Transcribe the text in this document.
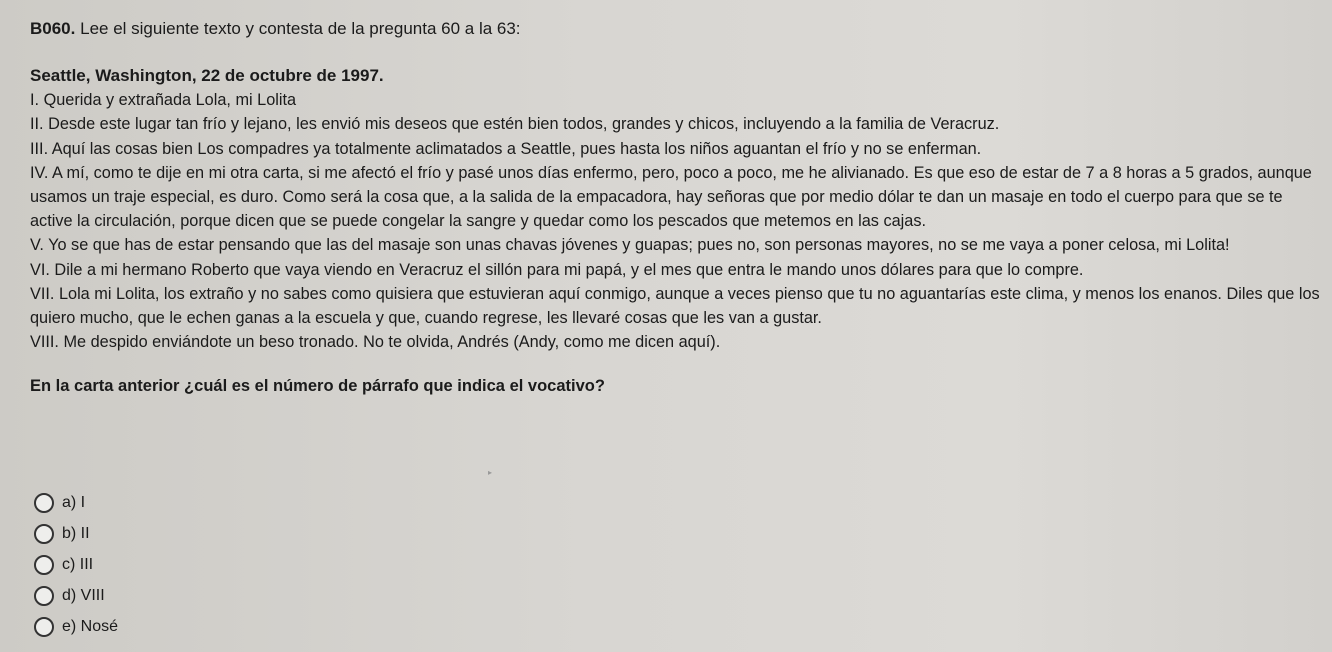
B060. Lee el siguiente texto y contesta de la pregunta 60 a la 63:

Seattle, Washington, 22 de octubre de 1997.

I. Querida y extrañada Lola, mi Lolita

II. Desde este lugar tan frío y lejano, les envió mis deseos que estén bien todos, grandes y chicos, incluyendo a la familia de Veracruz.

III. Aquí las cosas bien Los compadres ya totalmente aclimatados a Seattle, pues hasta los niños aguantan el frío y no se enferman.

IV. A mí, como te dije en mi otra carta, si me afectó el frío y pasé unos días enfermo, pero, poco a poco, me he alivianado. Es que eso de estar de 7 a 8 horas a 5 grados, aunque usamos un traje especial, es duro. Como será la cosa que, a la salida de la empacadora, hay señoras que por medio dólar te dan un masaje en todo el cuerpo para que se te active la circulación, porque dicen que se puede congelar la sangre y quedar como los pescados que metemos en las cajas.

V. Yo se que has de estar pensando que las del masaje son unas chavas jóvenes y guapas; pues no, son personas mayores, no se me vaya a poner celosa, mi Lolita!

VI. Dile a mi hermano Roberto que vaya viendo en Veracruz el sillón para mi papá, y el mes que entra le mando unos dólares para que lo compre.

VII. Lola mi Lolita, los extraño y no sabes como quisiera que estuvieran aquí conmigo, aunque a veces pienso que tu no aguantarías este clima, y menos los enanos. Diles que los quiero mucho, que le echen ganas a la escuela y que, cuando regrese, les llevaré cosas que les van a gustar.

VIII. Me despido enviándote un beso tronado. No te olvida, Andrés (Andy, como me dicen aquí).

En la carta anterior ¿cuál es el número de párrafo que indica el vocativo?
▸
a) I
b) II
c) III
d) VIII
e) Nosé
